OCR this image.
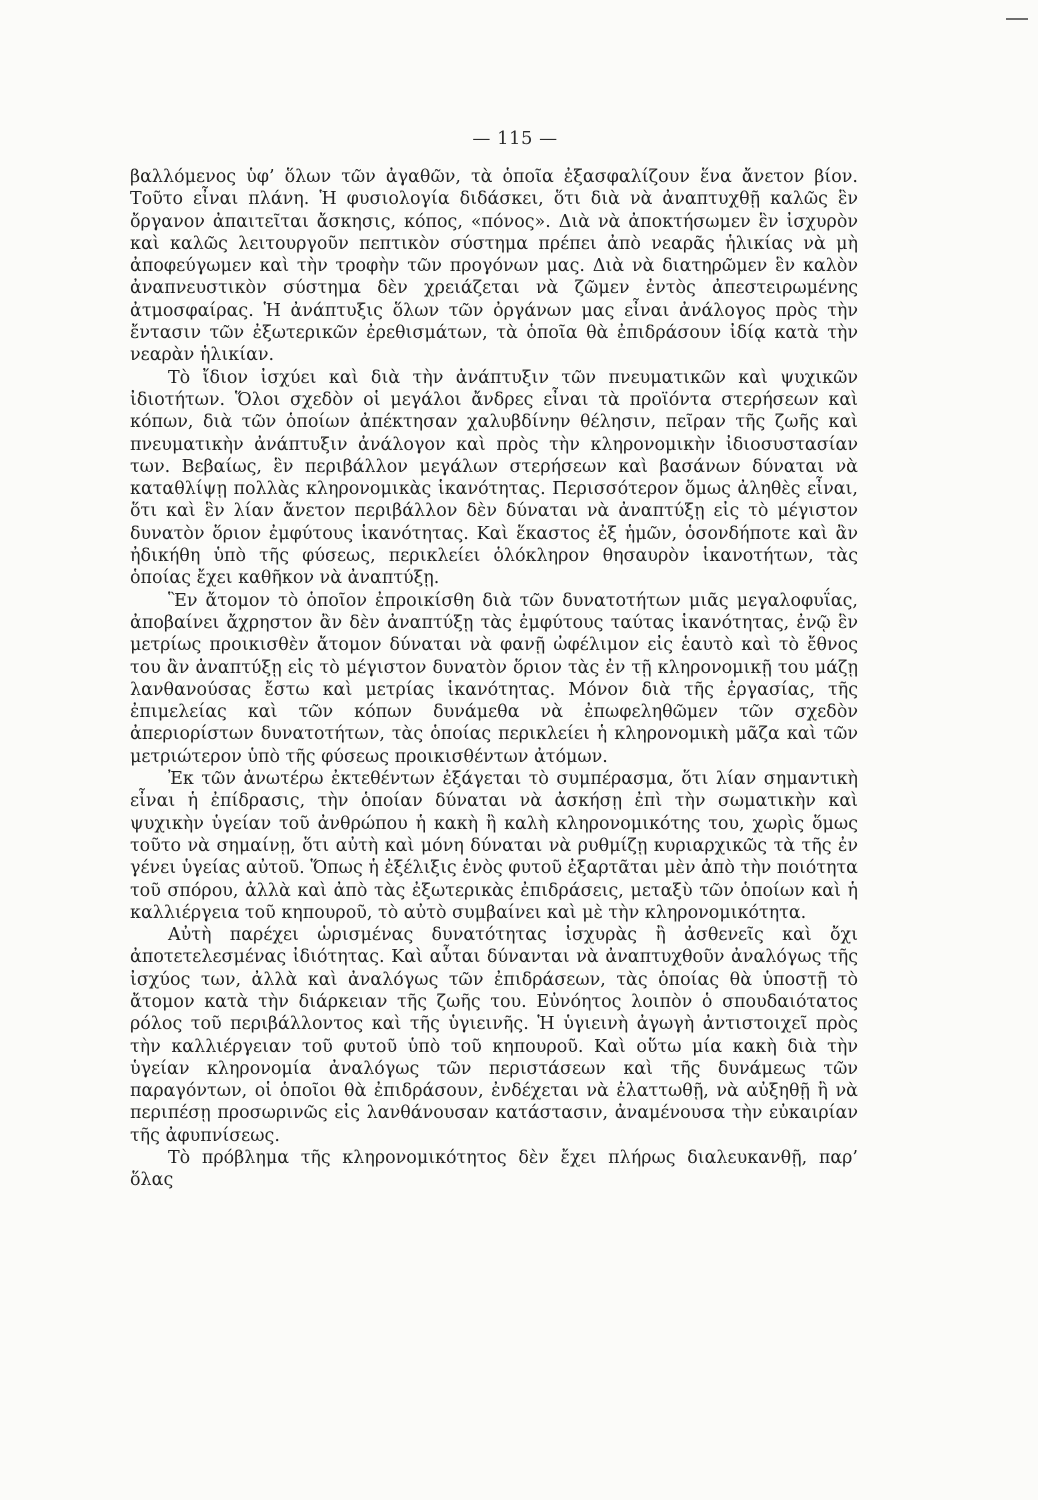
— 115 —

βαλλόμενος ὑφ’ ὅλων τῶν ἀγαθῶν, τὰ ὁποῖα ἐξασφαλίζουν ἕνα ἄνετον βίον. Τοῦτο εἶναι πλάνη. Ἡ φυσιολογία διδάσκει, ὅτι διὰ νὰ ἀναπτυχθῇ καλῶς ἓν ὄργανον ἀπαιτεῖται ἄσκησις, κόπος, «πόνος». Διὰ νὰ ἀποκτήσωμεν ἓν ἰσχυρὸν καὶ καλῶς λειτουργοῦν πεπτικὸν σύστημα πρέπει ἀπὸ νεαρᾶς ἡλικίας νὰ μὴ ἀποφεύγωμεν καὶ τὴν τροφὴν τῶν προγόνων μας. Διὰ νὰ διατηρῶμεν ἓν καλὸν ἀναπνευστικὸν σύστημα δὲν χρειάζεται νὰ ζῶμεν ἐντὸς ἀπεστειρωμένης ἀτμοσφαίρας. Ἡ ἀνάπτυξις ὅλων τῶν ὀργάνων μας εἶναι ἀνάλογος πρὸς τὴν ἔντασιν τῶν ἐξωτερικῶν ἐρεθισμάτων, τὰ ὁποῖα θὰ ἐπιδράσουν ἰδίᾳ κατὰ τὴν νεαρὰν ἡλικίαν.

Τὸ ἴδιον ἰσχύει καὶ διὰ τὴν ἀνάπτυξιν τῶν πνευματικῶν καὶ ψυχικῶν ἰδιοτήτων. Ὅλοι σχεδὸν οἱ μεγάλοι ἄνδρες εἶναι τὰ προϊόντα στερήσεων καὶ κόπων, διὰ τῶν ὁποίων ἀπέκτησαν χαλυβδίνην θέλησιν, πεῖραν τῆς ζωῆς καὶ πνευματικὴν ἀνάπτυξιν ἀνάλογον καὶ πρὸς τὴν κληρονομικὴν ἰδιοσυστασίαν των. Βεβαίως, ἓν περιβάλλον μεγάλων στερήσεων καὶ βασάνων δύναται νὰ καταθλίψῃ πολλὰς κληρονομικὰς ἱκανότητας. Περισσότερον ὅμως ἀληθὲς εἶναι, ὅτι καὶ ἓν λίαν ἄνετον περιβάλλον δὲν δύναται νὰ ἀναπτύξῃ εἰς τὸ μέγιστον δυνατὸν ὅριον ἐμφύτους ἱκανότητας. Καὶ ἕκαστος ἐξ ἡμῶν, ὁσονδήποτε καὶ ἂν ἠδικήθη ὑπὸ τῆς φύσεως, περικλείει ὁλόκληρον θησαυρὸν ἱκανοτήτων, τὰς ὁποίας ἔχει καθῆκον νὰ ἀναπτύξῃ.

Ἓν ἄτομον τὸ ὁποῖον ἐπροικίσθη διὰ τῶν δυνατοτήτων μιᾶς μεγαλοφυΐας, ἀποβαίνει ἄχρηστον ἂν δὲν ἀναπτύξῃ τὰς ἐμφύτους ταύτας ἱκανότητας, ἐνῷ ἓν μετρίως προικισθὲν ἄτομον δύναται νὰ φανῇ ὠφέλιμον εἰς ἑαυτὸ καὶ τὸ ἔθνος του ἂν ἀναπτύξῃ εἰς τὸ μέγιστον δυνατὸν ὅριον τὰς ἐν τῇ κληρονομικῇ του μάζῃ λανθανούσας ἔστω καὶ μετρίας ἱκανότητας. Μόνον διὰ τῆς ἐργασίας, τῆς ἐπιμελείας καὶ τῶν κόπων δυνάμεθα νὰ ἐπωφεληθῶμεν τῶν σχεδὸν ἀπεριορίστων δυνατοτήτων, τὰς ὁποίας περικλείει ἡ κληρονομικὴ μᾶζα καὶ τῶν μετριώτερον ὑπὸ τῆς φύσεως προικισθέντων ἀτόμων.

Ἐκ τῶν ἀνωτέρω ἐκτεθέντων ἐξάγεται τὸ συμπέρασμα, ὅτι λίαν σημαντικὴ εἶναι ἡ ἐπίδρασις, τὴν ὁποίαν δύναται νὰ ἀσκήσῃ ἐπὶ τὴν σωματικὴν καὶ ψυχικὴν ὑγείαν τοῦ ἀνθρώπου ἡ κακὴ ἢ καλὴ κληρονομικότης του, χωρὶς ὅμως τοῦτο νὰ σημαίνῃ, ὅτι αὐτὴ καὶ μόνη δύναται νὰ ρυθμίζῃ κυριαρχικῶς τὰ τῆς ἐν γένει ὑγείας αὐτοῦ. Ὅπως ἡ ἐξέλιξις ἑνὸς φυτοῦ ἐξαρτᾶται μὲν ἀπὸ τὴν ποιότητα τοῦ σπόρου, ἀλλὰ καὶ ἀπὸ τὰς ἐξωτερικὰς ἐπιδράσεις, μεταξὺ τῶν ὁποίων καὶ ἡ καλλιέργεια τοῦ κηπουροῦ, τὸ αὐτὸ συμβαίνει καὶ μὲ τὴν κληρονομικότητα.

Αὐτὴ παρέχει ὡρισμένας δυνατότητας ἰσχυρὰς ἢ ἀσθενεῖς καὶ ὄχι ἀποτετελεσμένας ἰδιότητας. Καὶ αὗται δύνανται νὰ ἀναπτυχθοῦν ἀναλόγως τῆς ἰσχύος των, ἀλλὰ καὶ ἀναλόγως τῶν ἐπιδράσεων, τὰς ὁποίας θὰ ὑποστῇ τὸ ἄτομον κατὰ τὴν διάρκειαν τῆς ζωῆς του. Εὐνόητος λοιπὸν ὁ σπουδαιότατος ρόλος τοῦ περιβάλλοντος καὶ τῆς ὑγιεινῆς. Ἡ ὑγιεινὴ ἀγωγὴ ἀντιστοιχεῖ πρὸς τὴν καλλιέργειαν τοῦ φυτοῦ ὑπὸ τοῦ κηπουροῦ. Καὶ οὕτω μία κακὴ διὰ τὴν ὑγείαν κληρονομία ἀναλόγως τῶν περιστάσεων καὶ τῆς δυνάμεως τῶν παραγόντων, οἱ ὁποῖοι θὰ ἐπιδράσουν, ἐνδέχεται νὰ ἐλαττωθῇ, νὰ αὐξηθῇ ἢ νὰ περιπέσῃ προσωρινῶς εἰς λανθάνουσαν κατάστασιν, ἀναμένουσα τὴν εὐκαιρίαν τῆς ἀφυπνίσεως.

Τὸ πρόβλημα τῆς κληρονομικότητος δὲν ἔχει πλήρως διαλευκανθῇ, παρ’ ὅλας
